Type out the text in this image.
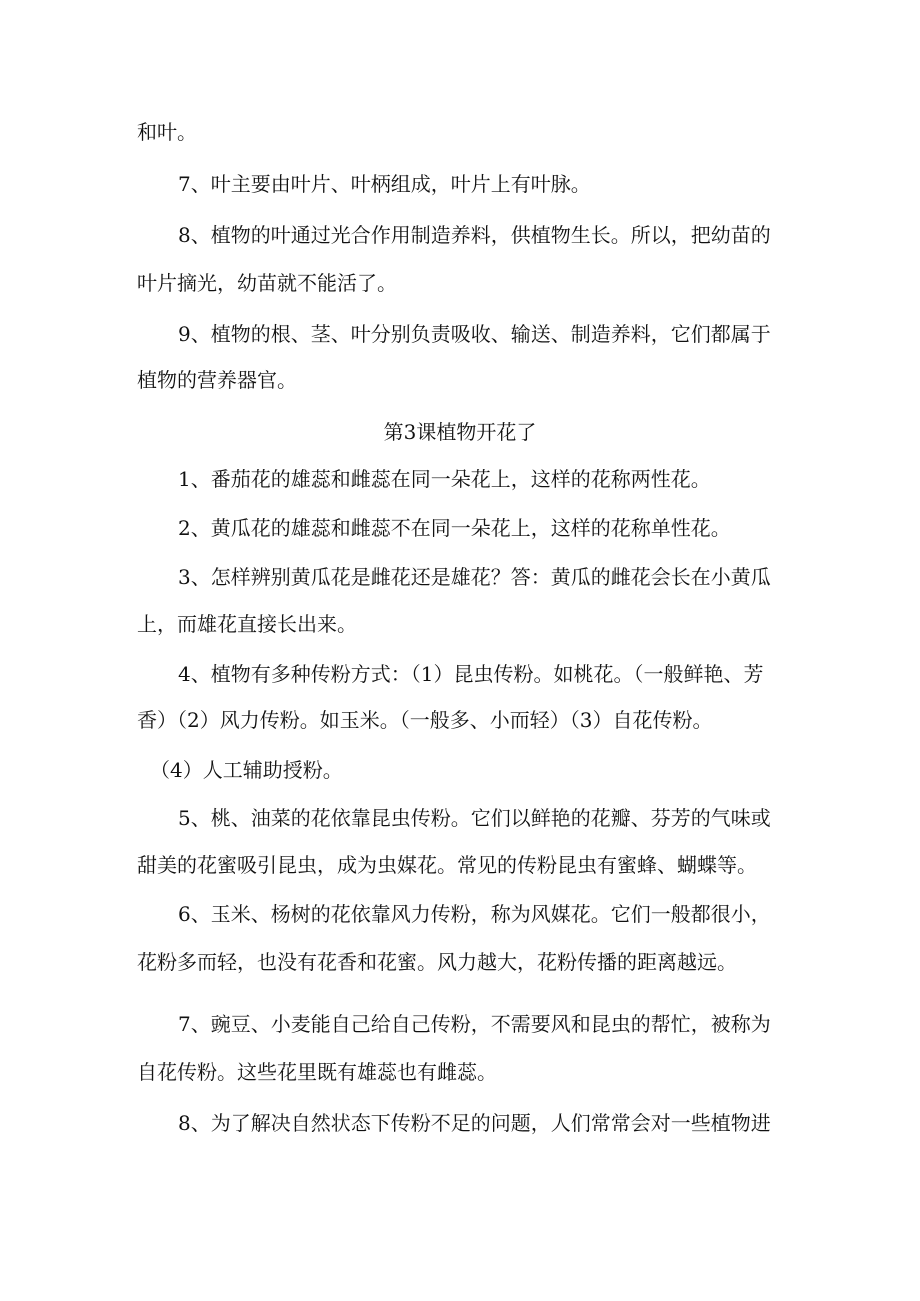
和叶。
7、叶主要由叶片、叶柄组成，叶片上有叶脉。
8、植物的叶通过光合作用制造养料，供植物生长。所以，把幼苗的
叶片摘光，幼苗就不能活了。
9、植物的根、茎、叶分别负责吸收、输送、制造养料，它们都属于
植物的营养器官。
第3课植物开花了
1、番茄花的雄蕊和雌蕊在同一朵花上，这样的花称两性花。
2、黄瓜花的雄蕊和雌蕊不在同一朵花上，这样的花称单性花。
3、怎样辨别黄瓜花是雌花还是雄花？答：黄瓜的雌花会长在小黄瓜
上，而雄花直接长出来。
4、植物有多种传粉方式：（1）昆虫传粉。如桃花。（一般鲜艳、芳
香）（2）风力传粉。如玉米。（一般多、小而轻）（3）自花传粉。
（4）人工辅助授粉。
5、桃、油菜的花依靠昆虫传粉。它们以鲜艳的花瓣、芬芳的气味或
甜美的花蜜吸引昆虫，成为虫媒花。常见的传粉昆虫有蜜蜂、蝴蝶等。
6、玉米、杨树的花依靠风力传粉，称为风媒花。它们一般都很小，
花粉多而轻，也没有花香和花蜜。风力越大，花粉传播的距离越远。
7、豌豆、小麦能自己给自己传粉，不需要风和昆虫的帮忙，被称为
自花传粉。这些花里既有雄蕊也有雌蕊。
8、为了解决自然状态下传粉不足的问题，人们常常会对一些植物进
